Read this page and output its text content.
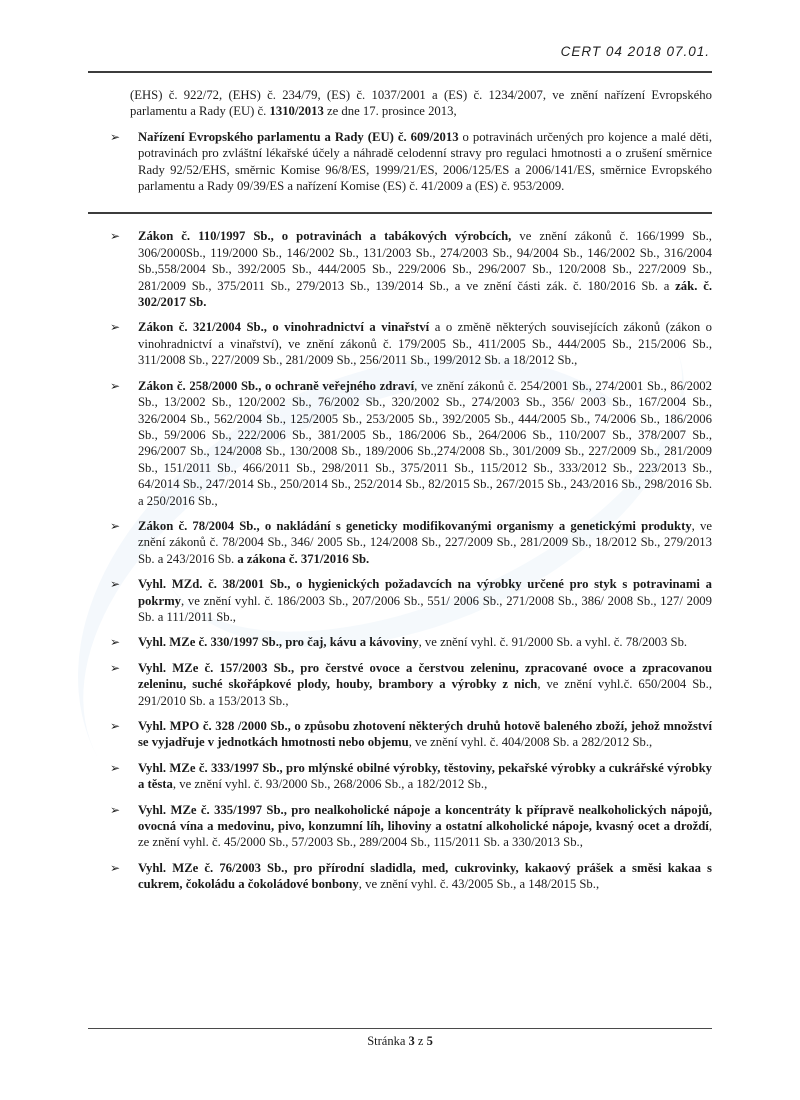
CERT 04 2018 07.01.
(EHS) č. 922/72, (EHS) č. 234/79, (ES) č. 1037/2001 a (ES) č. 1234/2007, ve znění nařízení Evropského parlamentu a Rady (EU) č. 1310/2013 ze dne 17. prosince 2013,
➢ Nařízení Evropského parlamentu a Rady (EU) č. 609/2013 o potravinách určených pro kojence a malé děti, potravinách pro zvláštní lékařské účely a náhradě celodenní stravy pro regulaci hmotnosti a o zrušení směrnice Rady 92/52/EHS, směrnic Komise 96/8/ES, 1999/21/ES, 2006/125/ES a 2006/141/ES, směrnice Evropského parlamentu a Rady 09/39/ES a nařízení Komise (ES) č. 41/2009 a (ES) č. 953/2009.
➢ Zákon č. 110/1997 Sb., o potravinách a tabákových výrobcích, ve znění zákonů č. 166/1999 Sb., 306/2000Sb., 119/2000 Sb., 146/2002 Sb., 131/2003 Sb., 274/2003 Sb., 94/2004 Sb., 146/2002 Sb., 316/2004 Sb.,558/2004 Sb., 392/2005 Sb., 444/2005 Sb., 229/2006 Sb., 296/2007 Sb., 120/2008 Sb., 227/2009 Sb., 281/2009 Sb., 375/2011 Sb., 279/2013 Sb., 139/2014 Sb., a ve znění části zák. č. 180/2016 Sb. a zák. č. 302/2017 Sb.
➢ Zákon č. 321/2004 Sb., o vinohradnictví a vinařství a o změně některých souvisejících zákonů (zákon o vinohradnictví a vinařství), ve znění zákonů č. 179/2005 Sb., 411/2005 Sb., 444/2005 Sb., 215/2006 Sb., 311/2008 Sb., 227/2009 Sb., 281/2009 Sb., 256/2011 Sb., 199/2012 Sb. a 18/2012 Sb.,
➢ Zákon č. 258/2000 Sb., o ochraně veřejného zdraví, ve znění zákonů č. 254/2001 Sb., 274/2001 Sb., 86/2002 Sb., 13/2002 Sb., 120/2002 Sb., 76/2002 Sb., 320/2002 Sb., 274/2003 Sb., 356/ 2003 Sb., 167/2004 Sb., 326/2004 Sb., 562/2004 Sb., 125/2005 Sb., 253/2005 Sb., 392/2005 Sb., 444/2005 Sb., 74/2006 Sb., 186/2006 Sb., 59/2006 Sb., 222/2006 Sb., 381/2005 Sb., 186/2006 Sb., 264/2006 Sb., 110/2007 Sb., 378/2007 Sb., 296/2007 Sb., 124/2008 Sb., 130/2008 Sb., 189/2006 Sb.,274/2008 Sb., 301/2009 Sb., 227/2009 Sb., 281/2009 Sb., 151/2011 Sb., 466/2011 Sb., 298/2011 Sb., 375/2011 Sb., 115/2012 Sb., 333/2012 Sb., 223/2013 Sb., 64/2014 Sb., 247/2014 Sb., 250/2014 Sb., 252/2014 Sb., 82/2015 Sb., 267/2015 Sb., 243/2016 Sb., 298/2016 Sb. a 250/2016 Sb.,
➢ Zákon č. 78/2004 Sb., o nakládání s geneticky modifikovanými organismy a genetickými produkty, ve znění zákonů č. 78/2004 Sb., 346/ 2005 Sb., 124/2008 Sb., 227/2009 Sb., 281/2009 Sb., 18/2012 Sb., 279/2013 Sb. a 243/2016 Sb. a zákona č. 371/2016 Sb.
➢ Vyhl. MZd. č. 38/2001 Sb., o hygienických požadavcích na výrobky určené pro styk s potravinami a pokrmy, ve znění vyhl. č. 186/2003 Sb., 207/2006 Sb., 551/ 2006 Sb., 271/2008 Sb., 386/ 2008 Sb., 127/ 2009 Sb. a 111/2011 Sb.,
➢ Vyhl. MZe č. 330/1997 Sb., pro čaj, kávu a kávoviny, ve znění vyhl. č. 91/2000 Sb. a vyhl. č. 78/2003 Sb.
➢ Vyhl. MZe č. 157/2003 Sb., pro čerstvé ovoce a čerstvou zeleninu, zpracované ovoce a zpracovanou zeleninu, suché skořápkové plody, houby, brambory a výrobky z nich, ve znění vyhl.č. 650/2004 Sb., 291/2010 Sb. a 153/2013 Sb.,
➢ Vyhl. MPO č. 328 /2000 Sb., o způsobu zhotovení některých druhů hotově baleného zboží, jehož množství se vyjadřuje v jednotkách hmotnosti nebo objemu, ve znění vyhl. č. 404/2008 Sb. a 282/2012 Sb.,
➢ Vyhl. MZe č. 333/1997 Sb., pro mlýnské obilné výrobky, těstoviny, pekařské výrobky a cukrářské výrobky a těsta, ve znění vyhl. č. 93/2000 Sb., 268/2006 Sb., a 182/2012 Sb.,
➢ Vyhl. MZe č. 335/1997 Sb., pro nealkoholické nápoje a koncentráty k přípravě nealkoholických nápojů, ovocná vína a medovinu, pivo, konzumní líh, lihoviny a ostatní alkoholické nápoje, kvasný ocet a droždí, ze znění vyhl. č. 45/2000 Sb., 57/2003 Sb., 289/2004 Sb., 115/2011 Sb. a 330/2013 Sb.,
➢ Vyhl. MZe č. 76/2003 Sb., pro přírodní sladidla, med, cukrovinky, kakaový prášek a směsi kakaa s cukrem, čokoládu a čokoládové bonbony, ve znění vyhl. č. 43/2005 Sb., a 148/2015 Sb.,
Stránka 3 z 5
